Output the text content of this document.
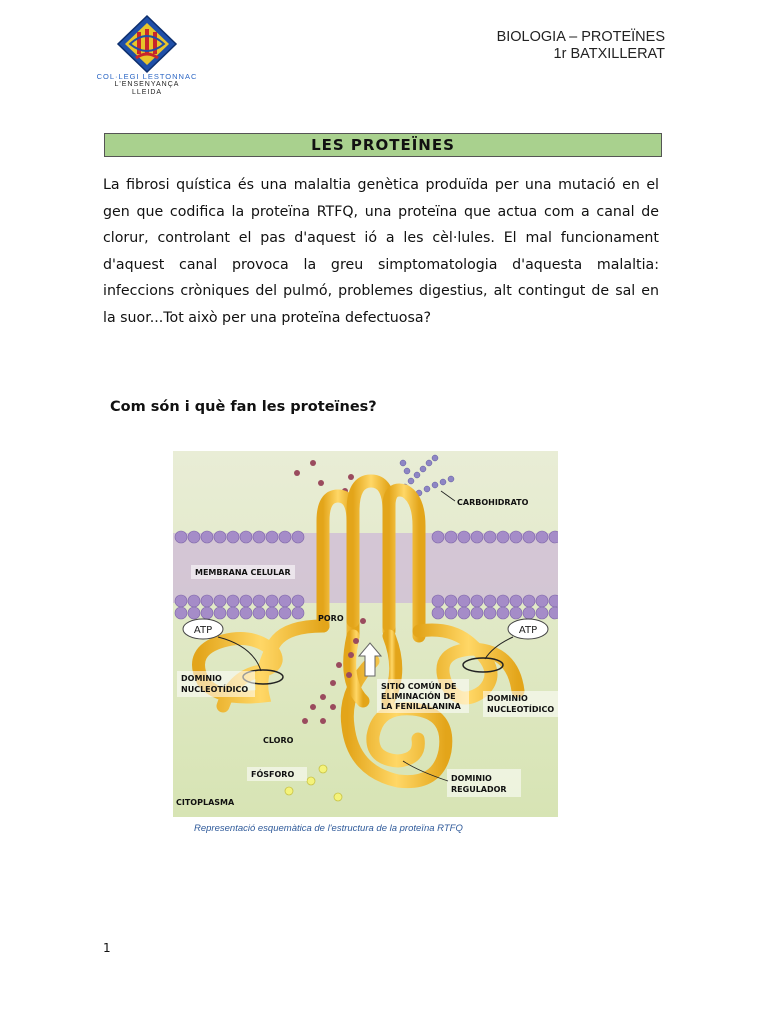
COL·LEGI LESTONNAC
L'ENSENYANÇA
LLEIDA
BIOLOGIA – PROTEÏNES
1r BATXILLERAT
LES PROTEÏNES

La fibrosi quística és una malaltia genètica produïda per una mutació en el gen que codifica la proteïna RTFQ, una proteïna que actua com a canal de clorur, controlant el pas d'aquest ió a les cèl·lules. El mal funcionament d'aquest canal provoca la greu simptomatologia d'aquesta malaltia: infeccions cròniques del pulmó, problemes digestius, alt contingut de sal en la suor...Tot això per una proteïna defectuosa?

Com són i què fan les proteïnes?

ATP	ATP
CARBOHIDRATO
MEMBRANA CELULAR
PORO
DOMINIO
NUCLEOTÍDICO	SITIO COMÚN DE
ELIMINACIÓN DE
LA FENILALANINA
DOMINIO
NUCLEOTÍDICO
CLORO
FÓSFORO	DOMINIO
REGULADOR
CITOPLASMA
Representació esquemàtica de l'estructura de la proteïna RTFQ
1
